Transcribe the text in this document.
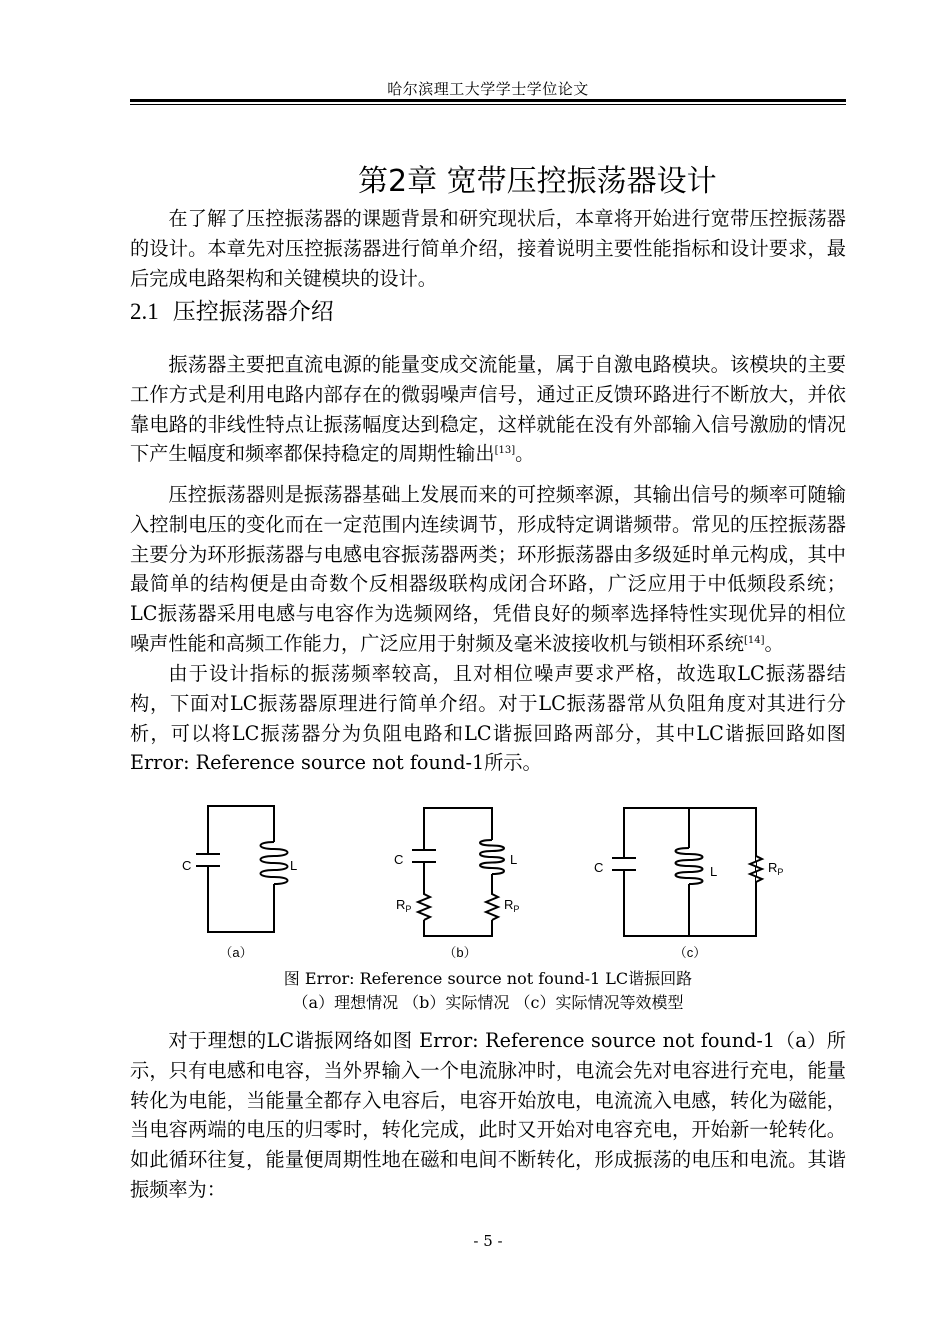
哈尔滨理工大学学士学位论文
第2章 宽带压控振荡器设计

在了解了压控振荡器的课题背景和研究现状后，本章将开始进行宽带压控振荡器的设计。本章先对压控振荡器进行简单介绍，接着说明主要性能指标和设计要求，最后完成电路架构和关键模块的设计。

2.1 压控振荡器介绍

振荡器主要把直流电源的能量变成交流能量，属于自激电路模块。该模块的主要工作方式是利用电路内部存在的微弱噪声信号，通过正反馈环路进行不断放大，并依靠电路的非线性特点让振荡幅度达到稳定，这样就能在没有外部输入信号激励的情况下产生幅度和频率都保持稳定的周期性输出[13]。

压控振荡器则是振荡器基础上发展而来的可控频率源，其输出信号的频率可随输入控制电压的变化而在一定范围内连续调节，形成特定调谐频带。常见的压控振荡器主要分为环形振荡器与电感电容振荡器两类；环形振荡器由多级延时单元构成，其中最简单的结构便是由奇数个反相器级联构成闭合环路，广泛应用于中低频段系统；LC振荡器采用电感与电容作为选频网络，凭借良好的频率选择特性实现优异的相位噪声性能和高频工作能力，广泛应用于射频及毫米波接收机与锁相环系统[14]。

由于设计指标的振荡频率较高，且对相位噪声要求严格，故选取LC振荡器结构，下面对LC振荡器原理进行简单介绍。对于LC振荡器常从负阻角度对其进行分析，可以将LC振荡器分为负阻电路和LC谐振回路两部分，其中LC谐振回路如图 Error: Reference source not found-1所示。

C	L	C	L
$R_P$	$R_P$
C	L	$R_P$
（a）	（b）	（c）
图 Error: Reference source not found-1 LC谐振回路
（a）理想情况 （b）实际情况 （c）实际情况等效模型

对于理想的LC谐振网络如图 Error: Reference source not found-1（a）所示，只有电感和电容，当外界输入一个电流脉冲时，电流会先对电容进行充电，能量转化为电能，当能量全都存入电容后，电容开始放电，电流流入电感，转化为磁能，当电容两端的电压的归零时，转化完成，此时又开始对电容充电，开始新一轮转化。如此循环往复，能量便周期性地在磁和电间不断转化，形成振荡的电压和电流。其谐振频率为：

- 5 -
